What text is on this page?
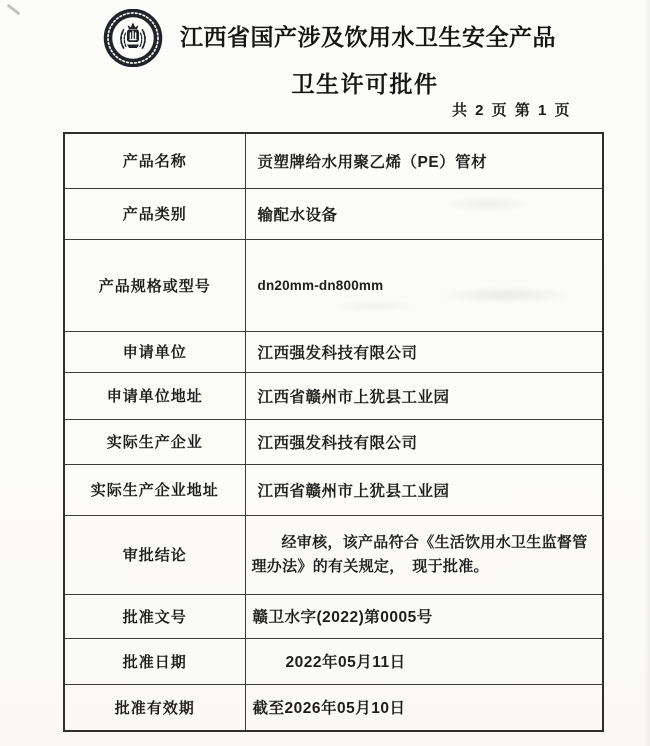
江西省国产涉及饮用水卫生安全产品
卫生许可批件
共 2 页 第 1 页
产品名称	贡塑牌给水用聚乙烯（PE）管材
产品类别	输配水设备
产品规格或型号	dn20mm-dn800mm
申请单位	江西强发科技有限公司
申请单位地址	江西省赣州市上犹县工业园
实际生产企业	江西强发科技有限公司
实际生产企业地址	江西省赣州市上犹县工业园
审批结论	经审核，该产品符合《生活饮用水卫生监督管理办法》的有关规定，　现于批准。
批准文号	赣卫水字(2022)第0005号
批准日期	2022年05月11日
批准有效期	截至2026年05月10日
